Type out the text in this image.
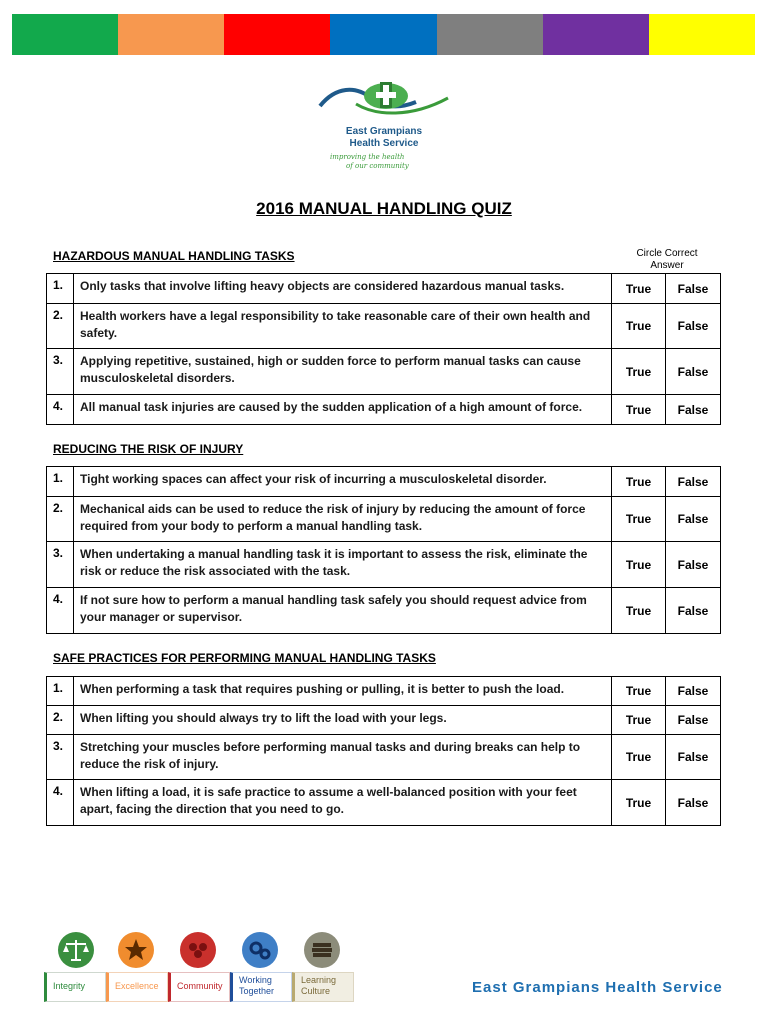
East Grampians
Health Service
improving the health
of our community
2016 MANUAL HANDLING QUIZ
Circle Correct Answer
HAZARDOUS MANUAL HANDLING TASKS
1.	Only tasks that involve lifting heavy objects are considered hazardous manual tasks.	True	False
2.	Health workers have a legal responsibility to take reasonable care of their own health and safety.	True	False
3.	Applying repetitive, sustained, high or sudden force to perform manual tasks can cause musculoskeletal disorders.	True	False
4.	All manual task injuries are caused by the sudden application of a high amount of force.	True	False
REDUCING THE RISK OF INJURY
1.	Tight working spaces can affect your risk of incurring a musculoskeletal disorder.	True	False
2.	Mechanical aids can be used to reduce the risk of injury by reducing the amount of force required from your body to perform a manual handling task.	True	False
3.	When undertaking a manual handling task it is important to assess the risk, eliminate the risk or reduce the risk associated with the task.	True	False
4.	If not sure how to perform a manual handling task safely you should request advice from your manager or supervisor.	True	False
SAFE PRACTICES FOR PERFORMING MANUAL HANDLING TASKS
1.	When performing a task that requires pushing or pulling, it is better to push the load.	True	False
2.	When lifting you should always try to lift the load with your legs.	True	False
3.	Stretching your muscles before performing manual tasks and during breaks can help to reduce the risk of injury.	True	False
4.	When lifting a load, it is safe practice to assume a well-balanced position with your feet apart, facing the direction that you need to go.	True	False
Integrity	Excellence	Community
Working Together
Learning Culture	East Grampians Health Service
